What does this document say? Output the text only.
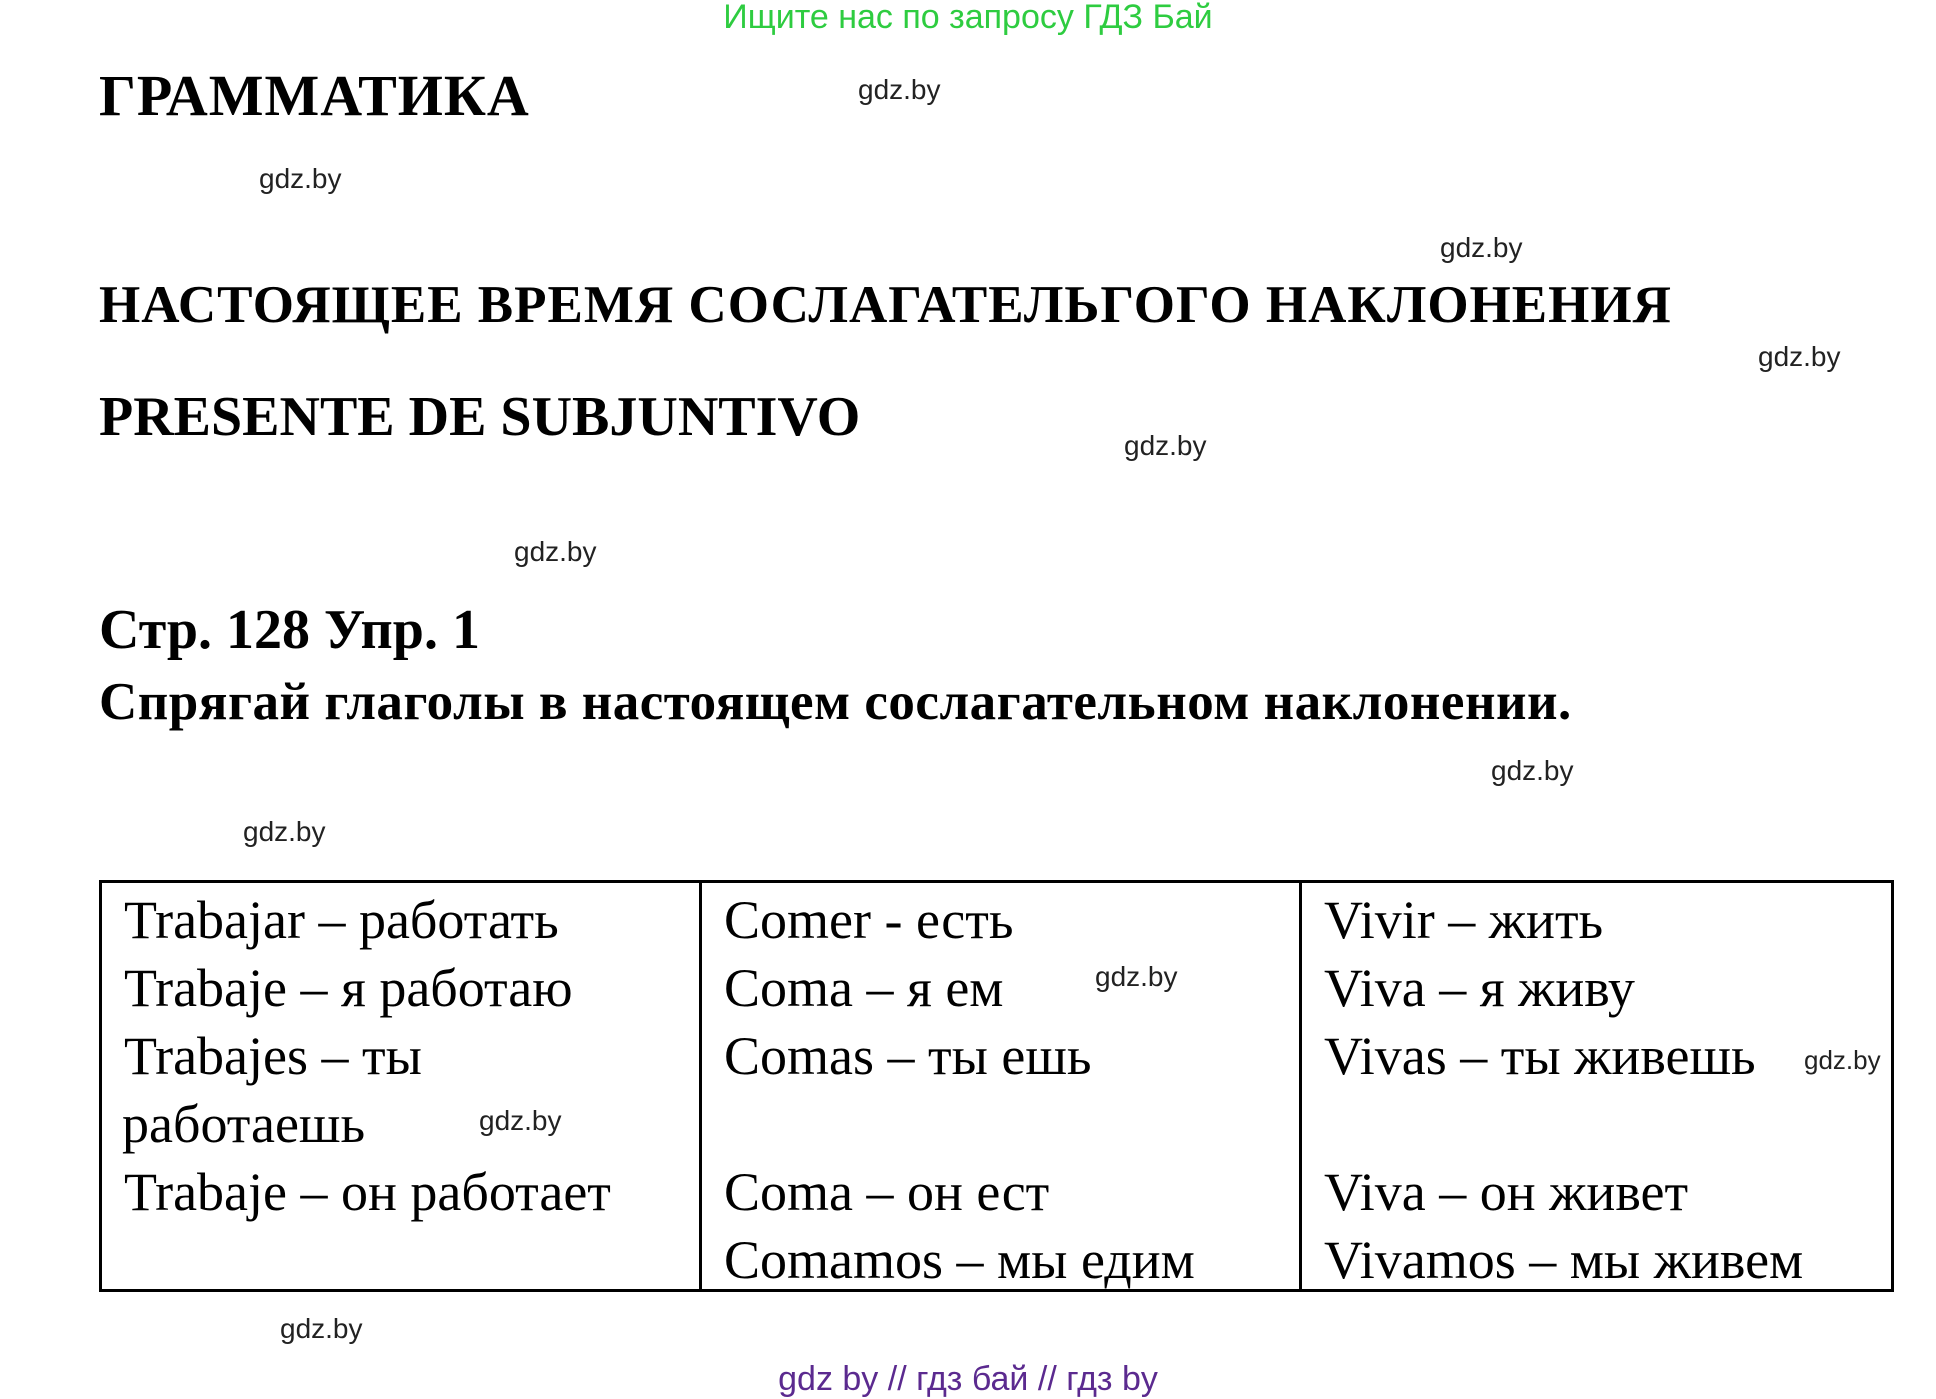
Ищите нас по запросу ГДЗ Бай
ГРАММАТИКА
НАСТОЯЩЕЕ ВРЕМЯ СОСЛАГАТЕЛЬГОГО НАКЛОНЕНИЯ
PRESENTE DE SUBJUNTIVO
Стр. 128 Упр. 1
Спрягай глаголы в настоящем сослагательном наклонении.
gdz.by
gdz.by
gdz.by
gdz.by
gdz.by
gdz.by
gdz.by
gdz.by
gdz.by
Trabajar – работать
Trabaje – я работаю
Trabajes – ты
работаешь
Trabaje – он работает
gdz.by
Comer - есть
Coma – я ем
Comas – ты ешь
Coma – он ест
Comamos – мы едим
gdz.by
Vivir – жить
Viva – я живу
Vivas – ты живешь
Viva – он живет
Vivamos – мы живем
gdz.by
gdz by // гдз бай // гдз by
